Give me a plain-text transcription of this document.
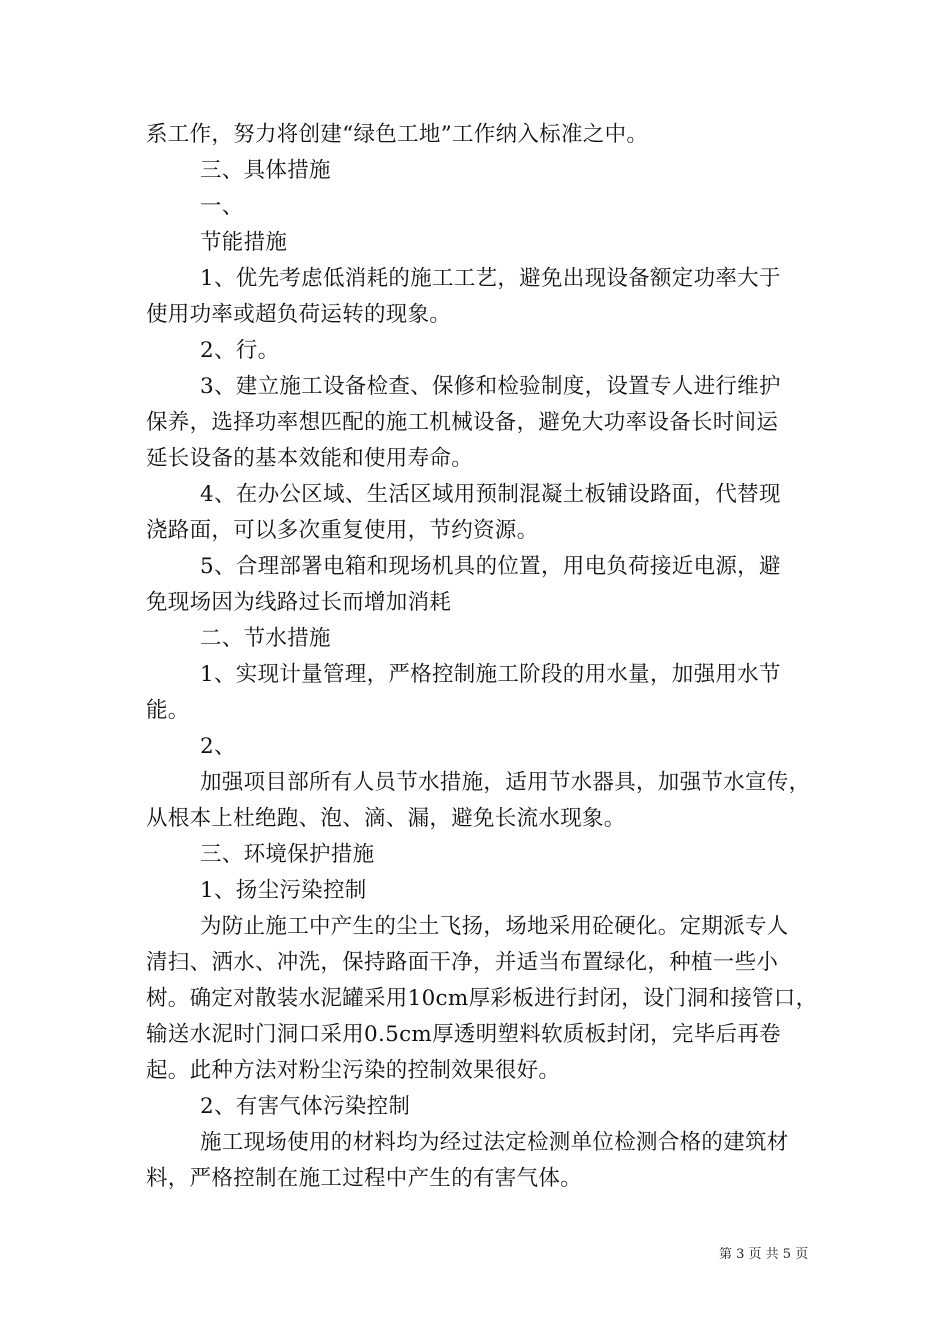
系工作，努力将创建“绿色工地”工作纳入标准之中。
三、具体措施
一、
节能措施
1、优先考虑低消耗的施工工艺，避免出现设备额定功率大于
使用功率或超负荷运转的现象。
2、行。
3、建立施工设备检查、保修和检验制度，设置专人进行维护
保养，选择功率想匹配的施工机械设备，避免大功率设备长时间运
延长设备的基本效能和使用寿命。
4、在办公区域、生活区域用预制混凝土板铺设路面，代替现
浇路面，可以多次重复使用，节约资源。
5、合理部署电箱和现场机具的位置，用电负荷接近电源，避
免现场因为线路过长而增加消耗
二、节水措施
1、实现计量管理，严格控制施工阶段的用水量，加强用水节
能。
2、
加强项目部所有人员节水措施，适用节水器具，加强节水宣传，
从根本上杜绝跑、泡、滴、漏，避免长流水现象。
三、环境保护措施
1、扬尘污染控制
为防止施工中产生的尘土飞扬，场地采用砼硬化。定期派专人
清扫、洒水、冲洗，保持路面干净，并适当布置绿化，种植一些小
树。确定对散装水泥罐采用10cm厚彩板进行封闭，设门洞和接管口，
输送水泥时门洞口采用0.5cm厚透明塑料软质板封闭，完毕后再卷
起。此种方法对粉尘污染的控制效果很好。
2、有害气体污染控制
施工现场使用的材料均为经过法定检测单位检测合格的建筑材
料，严格控制在施工过程中产生的有害气体。
第 3 页 共 5 页
